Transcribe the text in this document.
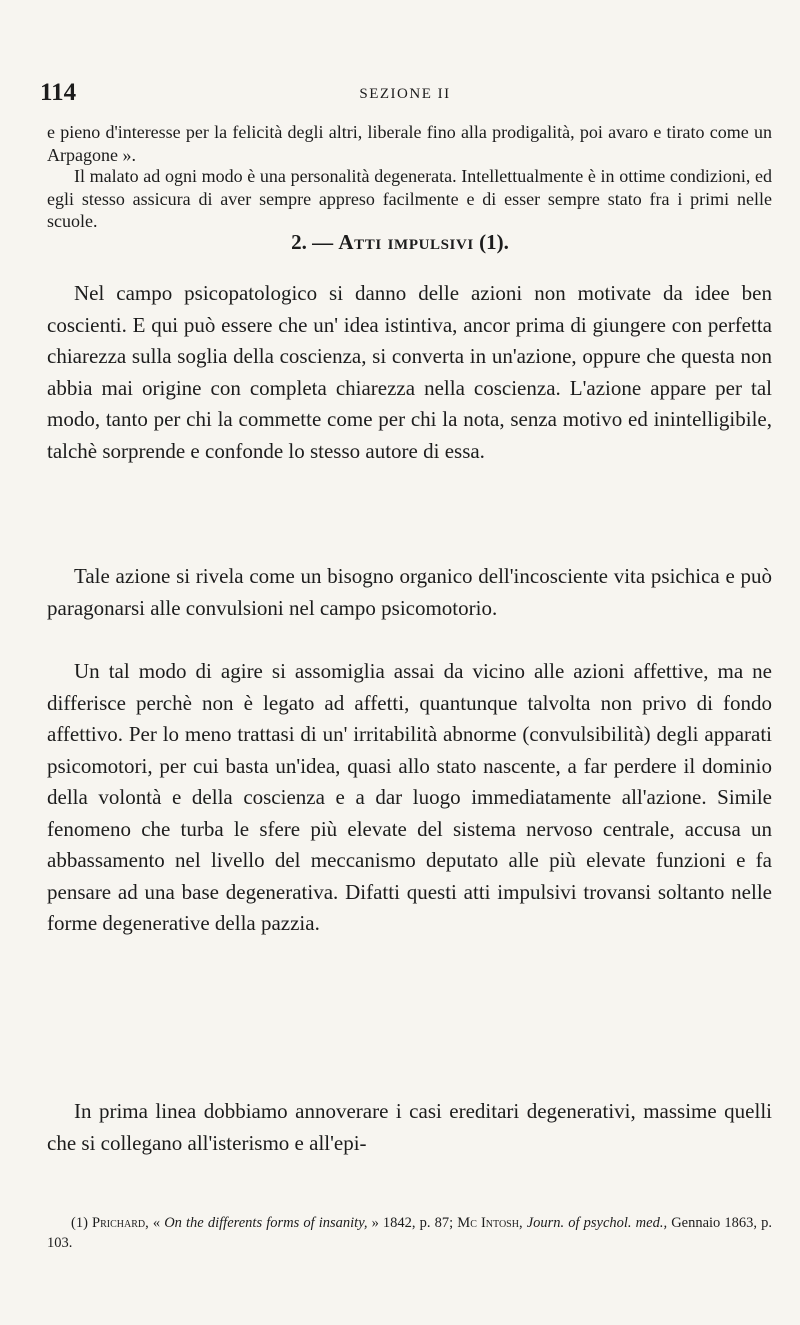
114	SEZIONE II

e pieno d'interesse per la felicità degli altri, liberale fino alla prodigalità, poi avaro e tirato come un Arpagone ».

Il malato ad ogni modo è una personalità degenerata. Intellettualmente è in ottime condizioni, ed egli stesso assicura di aver sempre appreso facilmente e di esser sempre stato fra i primi nelle scuole.

2. — Atti impulsivi (1).

Nel campo psicopatologico si danno delle azioni non motivate da idee ben coscienti. E qui può essere che un' idea istintiva, ancor prima di giungere con perfetta chiarezza sulla soglia della coscienza, si converta in un'azione, oppure che questa non abbia mai origine con completa chiarezza nella coscienza. L'azione appare per tal modo, tanto per chi la commette come per chi la nota, senza motivo ed inintelligibile, talchè sorprende e confonde lo stesso autore di essa.

Tale azione si rivela come un bisogno organico dell'incosciente vita psichica e può paragonarsi alle convulsioni nel campo psicomotorio.

Un tal modo di agire si assomiglia assai da vicino alle azioni affettive, ma ne differisce perchè non è legato ad affetti, quantunque talvolta non privo di fondo affettivo. Per lo meno trattasi di un' irritabilità abnorme (convulsibilità) degli apparati psicomotori, per cui basta un'idea, quasi allo stato nascente, a far perdere il dominio della volontà e della coscienza e a dar luogo immediatamente all'azione. Simile fenomeno che turba le sfere più elevate del sistema nervoso centrale, accusa un abbassamento nel livello del meccanismo deputato alle più elevate funzioni e fa pensare ad una base degenerativa. Difatti questi atti impulsivi trovansi soltanto nelle forme degenerative della pazzia.

In prima linea dobbiamo annoverare i casi ereditari degenerativi, massime quelli che si collegano all'isterismo e all'epi-

(1) Prichard, « On the differents forms of insanity, » 1842, p. 87; Mc Intosh, Journ. of psychol. med., Gennaio 1863, p. 103.
